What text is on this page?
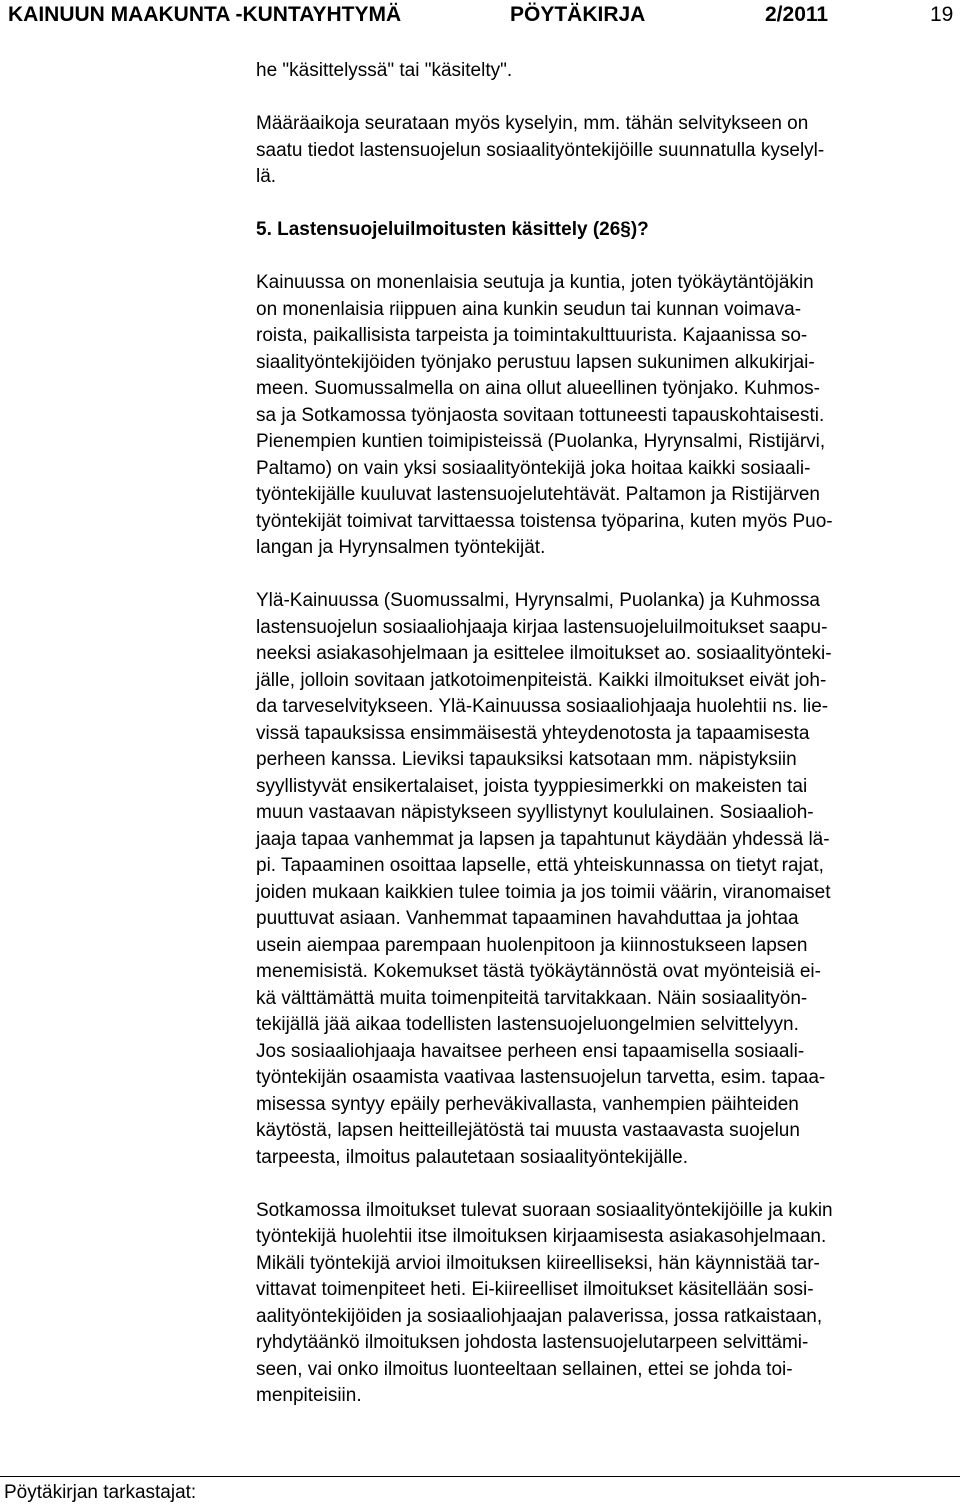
KAINUUN MAAKUNTA -KUNTAYHTYMÄ	PÖYTÄKIRJA	2/2011	19
he "käsittelyssä" tai "käsitelty".
Määräaikoja seurataan myös kyselyin, mm. tähän selvitykseen on
saatu tiedot lastensuojelun sosiaalityöntekijöille suunnatulla kyselyl-
lä.
5. Lastensuojeluilmoitusten käsittely (26§)?
Kainuussa on monenlaisia seutuja ja kuntia, joten työkäytäntöjäkin
on monenlaisia riippuen aina kunkin seudun tai kunnan voimava-
roista, paikallisista tarpeista ja toimintakulttuurista. Kajaanissa so-
siaalityöntekijöiden työnjako perustuu lapsen sukunimen alkukirjai-
meen. Suomussalmella on aina ollut alueellinen työnjako. Kuhmos-
sa ja Sotkamossa työnjaosta sovitaan tottuneesti tapauskohtaisesti.
Pienempien kuntien toimipisteissä (Puolanka, Hyrynsalmi, Ristijärvi,
Paltamo) on vain yksi sosiaalityöntekijä joka hoitaa kaikki sosiaali-
työntekijälle kuuluvat lastensuojelutehtävät. Paltamon ja Ristijärven
työntekijät toimivat tarvittaessa toistensa työparina, kuten myös Puo-
langan ja Hyrynsalmen työntekijät.
Ylä-Kainuussa (Suomussalmi, Hyrynsalmi, Puolanka) ja Kuhmossa
lastensuojelun sosiaaliohjaaja kirjaa lastensuojeluilmoitukset saapu-
neeksi asiakasohjelmaan ja esittelee ilmoitukset ao. sosiaalityönteki-
jälle, jolloin sovitaan jatkotoimenpiteistä. Kaikki ilmoitukset eivät joh-
da tarveselvitykseen. Ylä-Kainuussa sosiaaliohjaaja huolehtii ns. lie-
vissä tapauksissa ensimmäisestä yhteydenotosta ja tapaamisesta
perheen kanssa. Lieviksi tapauksiksi katsotaan mm. näpistyksiin
syyllistyvät ensikertalaiset, joista tyyppiesimerkki on makeisten tai
muun vastaavan näpistykseen syyllistynyt koululainen. Sosiaalioh-
jaaja tapaa vanhemmat ja lapsen ja tapahtunut käydään yhdessä lä-
pi. Tapaaminen osoittaa lapselle, että yhteiskunnassa on tietyt rajat,
joiden mukaan kaikkien tulee toimia ja jos toimii väärin, viranomaiset
puuttuvat asiaan. Vanhemmat tapaaminen havahduttaa ja johtaa
usein aiempaa parempaan huolenpitoon ja kiinnostukseen lapsen
menemisistä. Kokemukset tästä työkäytännöstä ovat myönteisiä ei-
kä välttämättä muita toimenpiteitä tarvitakkaan. Näin sosiaalityön-
tekijällä jää aikaa todellisten lastensuojeluongelmien selvittelyyn.
Jos sosiaaliohjaaja havaitsee perheen ensi tapaamisella sosiaali-
työntekijän osaamista vaativaa lastensuojelun tarvetta, esim. tapaa-
misessa syntyy epäily perheväkivallasta, vanhempien päihteiden
käytöstä, lapsen heitteillejätöstä tai muusta vastaavasta suojelun
tarpeesta, ilmoitus palautetaan sosiaalityöntekijälle.
Sotkamossa ilmoitukset tulevat suoraan sosiaalityöntekijöille ja kukin
työntekijä huolehtii itse ilmoituksen kirjaamisesta asiakasohjelmaan.
Mikäli työntekijä arvioi ilmoituksen kiireelliseksi, hän käynnistää tar-
vittavat toimenpiteet heti. Ei-kiireelliset ilmoitukset käsitellään sosi-
aalityöntekijöiden ja sosiaaliohjaajan palaverissa, jossa ratkaistaan,
ryhdytäänkö ilmoituksen johdosta lastensuojelutarpeen selvittämi-
seen, vai onko ilmoitus luonteeltaan sellainen, ettei se johda toi-
menpiteisiin.
Pöytäkirjan tarkastajat:
